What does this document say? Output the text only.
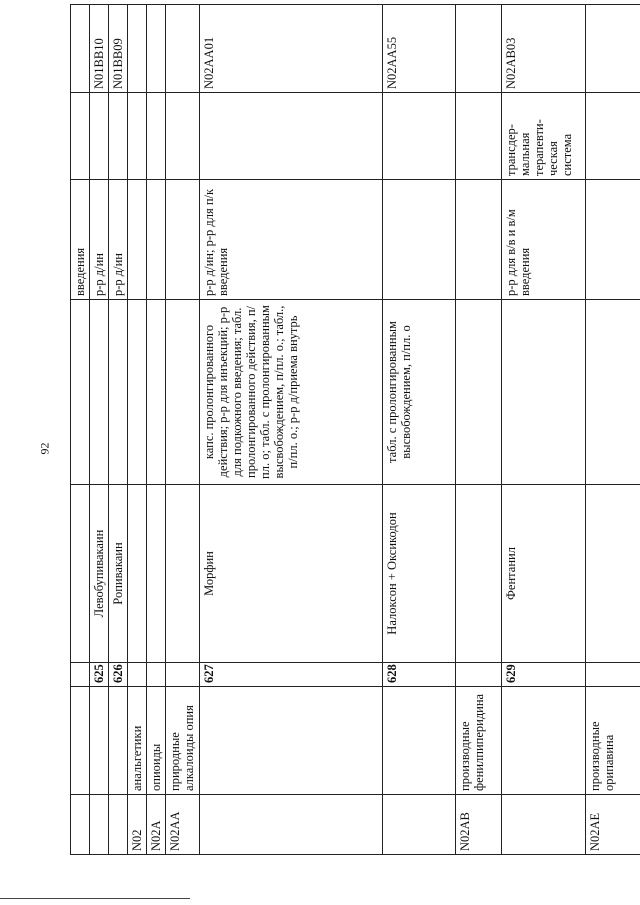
92
					введения		
		625	Левобупивакаин		р-р д/ин		N01BB10
		626	Ропивакаин		р-р д/ин		N01BB09
N02	анальгетики						
N02A	опиоиды						
N02AA	природные алкалоиды опия						
		627	Морфин	капс. пролонгированного действия; р-р для инъекций; р-р для подкожного введения; табл. пролонгированного действия, п/пл. о; табл. с пролонгированным высвобождением, п/пл. о.; табл., п/пл. о.; р-р д/приема внутрь	р-р д/ин; р-р для п/к введения		N02AA01
		628	Налоксон + Оксикодон	табл. с пролонгированным высвобождением, п/пл. о			N02AA55
N02AB	производные фенилпиперидина						
		629	Фентанил		р-р для в/в и в/м введения	трансдер-мальная терапевти-ческая система	N02AB03
N02AE	производные орипавина						
